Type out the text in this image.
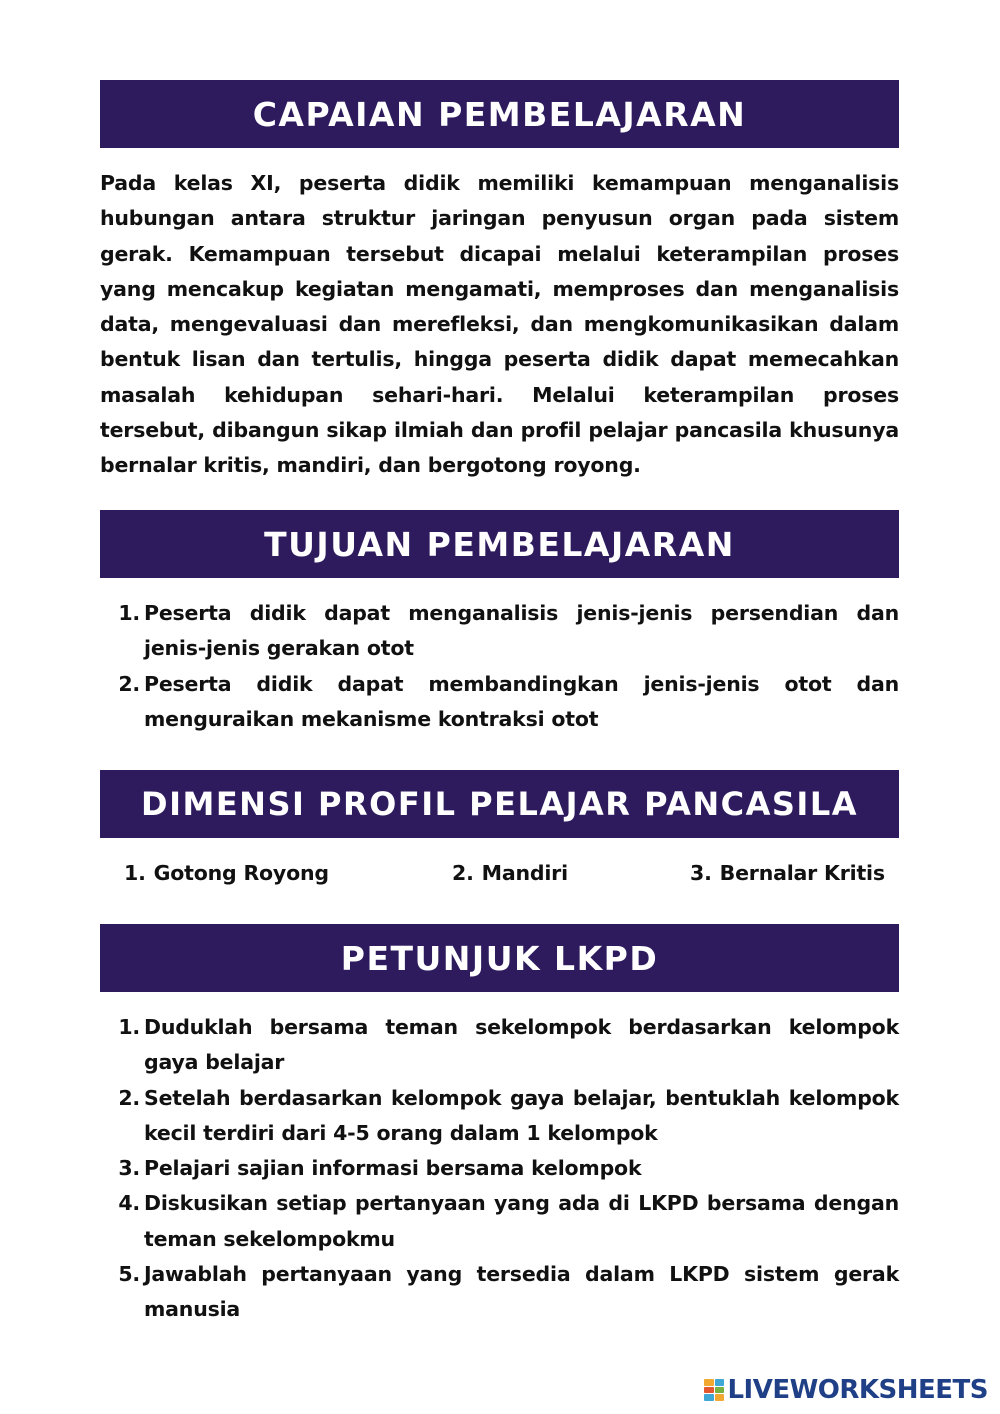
CAPAIAN PEMBELAJARAN

Pada kelas XI, peserta didik memiliki kemampuan menganalisis hubungan antara struktur jaringan penyusun organ pada sistem gerak. Kemampuan tersebut dicapai melalui keterampilan proses yang mencakup kegiatan mengamati, memproses dan menganalisis data, mengevaluasi dan merefleksi, dan mengkomunikasikan dalam bentuk lisan dan tertulis, hingga peserta didik dapat memecahkan masalah kehidupan sehari-hari. Melalui keterampilan proses tersebut, dibangun sikap ilmiah dan profil pelajar pancasila khusunya bernalar kritis, mandiri, dan bergotong royong.

TUJUAN PEMBELAJARAN
1. Peserta didik dapat menganalisis jenis-jenis persendian dan jenis-jenis gerakan otot
2. Peserta didik dapat membandingkan jenis-jenis otot dan menguraikan mekanisme kontraksi otot
DIMENSI PROFIL PELAJAR PANCASILA
1. Gotong Royong	2. Mandiri	3. Bernalar Kritis
PETUNJUK LKPD
1. Duduklah bersama teman sekelompok berdasarkan kelompok gaya belajar
2. Setelah berdasarkan kelompok gaya belajar, bentuklah kelompok kecil terdiri dari 4-5 orang dalam 1 kelompok
3. Pelajari sajian informasi bersama kelompok
4. Diskusikan setiap pertanyaan yang ada di LKPD bersama dengan teman sekelompokmu
5. Jawablah pertanyaan yang tersedia dalam LKPD sistem gerak manusia
LIVEWORKSHEETS
